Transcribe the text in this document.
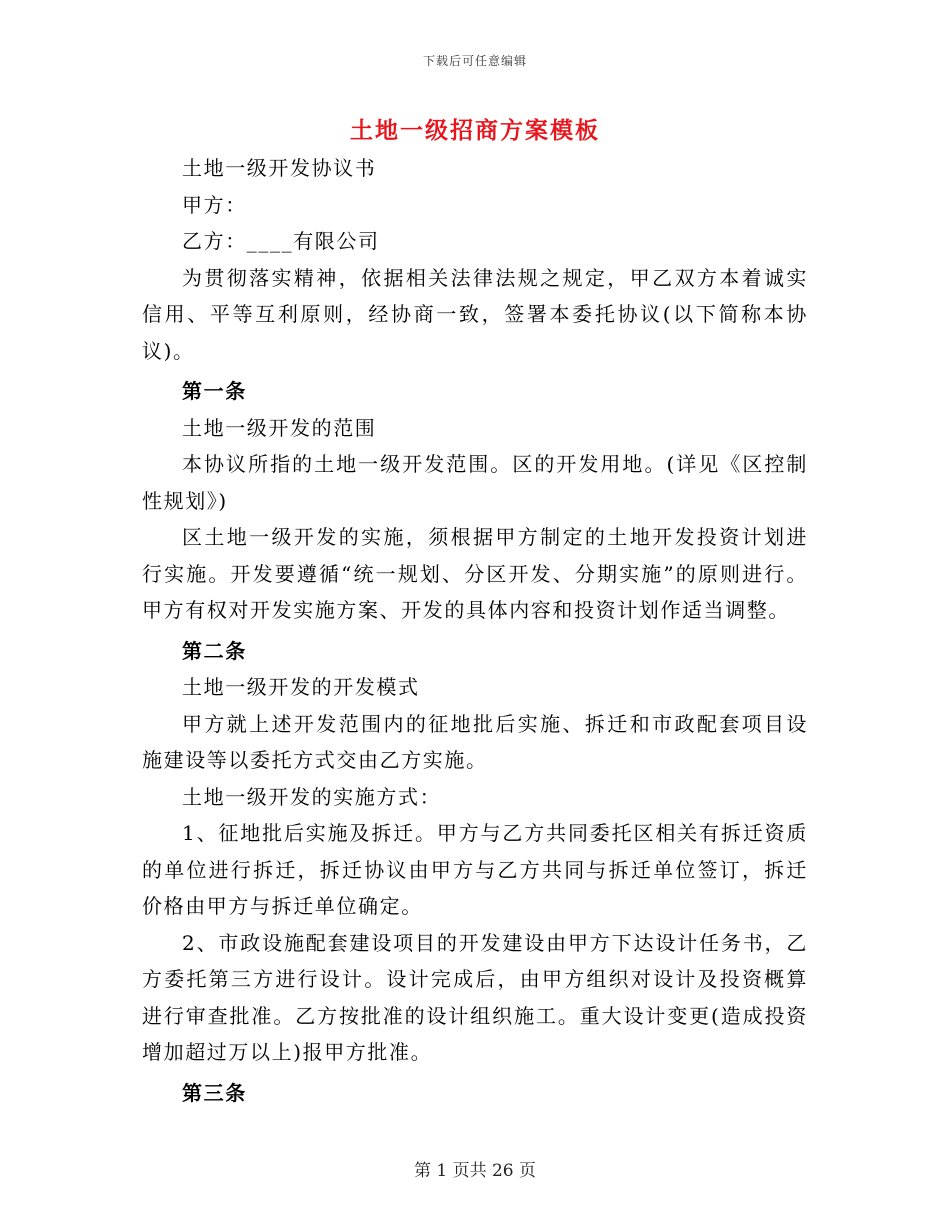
下载后可任意编辑
土地一级招商方案模板

土地一级开发协议书

甲方：

乙方：____有限公司

为贯彻落实精神，依据相关法律法规之规定，甲乙双方本着诚实信用、平等互利原则，经协商一致，签署本委托协议(以下简称本协议)。

第一条

土地一级开发的范围

本协议所指的土地一级开发范围。区的开发用地。(详见《区控制性规划》)

区土地一级开发的实施，须根据甲方制定的土地开发投资计划进行实施。开发要遵循“统一规划、分区开发、分期实施”的原则进行。甲方有权对开发实施方案、开发的具体内容和投资计划作适当调整。

第二条

土地一级开发的开发模式

甲方就上述开发范围内的征地批后实施、拆迁和市政配套项目设施建设等以委托方式交由乙方实施。

土地一级开发的实施方式：

1、征地批后实施及拆迁。甲方与乙方共同委托区相关有拆迁资质的单位进行拆迁，拆迁协议由甲方与乙方共同与拆迁单位签订，拆迁价格由甲方与拆迁单位确定。

2、市政设施配套建设项目的开发建设由甲方下达设计任务书，乙方委托第三方进行设计。设计完成后，由甲方组织对设计及投资概算进行审查批准。乙方按批准的设计组织施工。重大设计变更(造成投资增加超过万以上)报甲方批准。

第三条

第 1 页共 26 页
